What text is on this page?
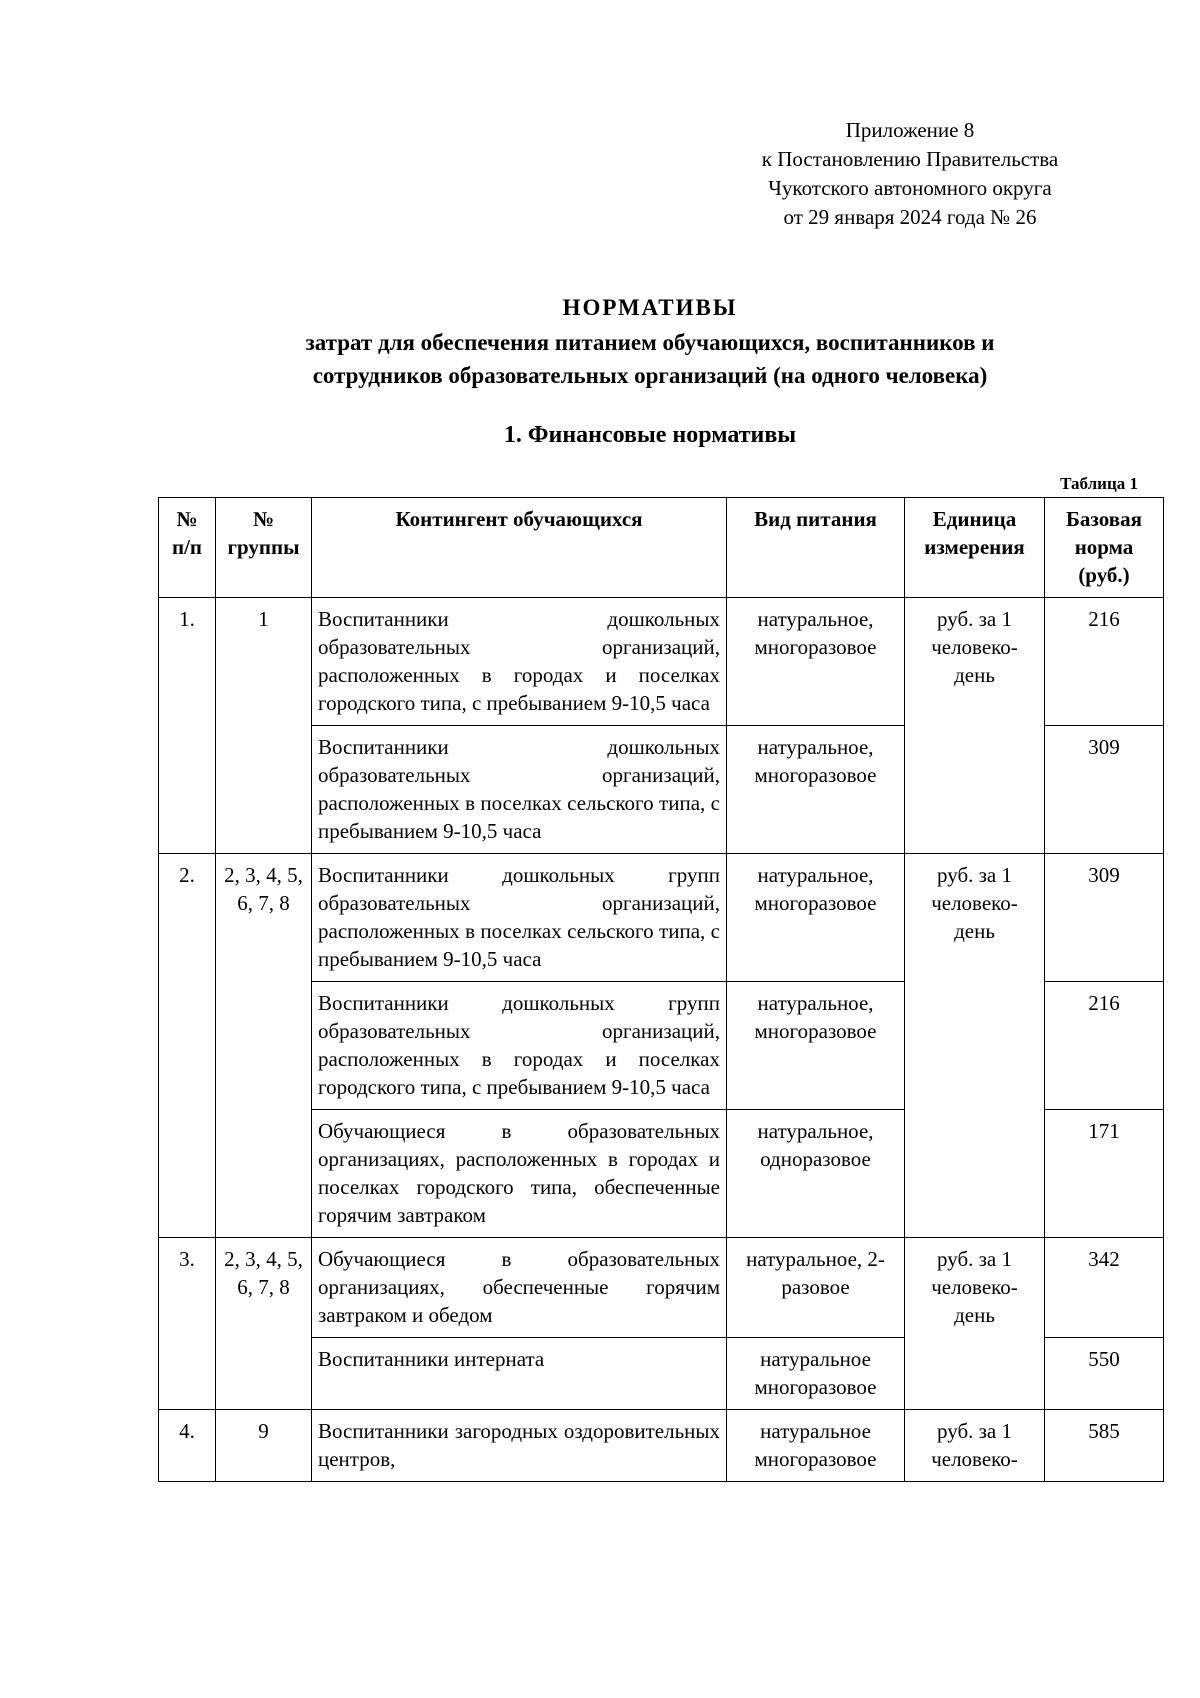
Приложение 8
к Постановлению Правительства
Чукотского автономного округа
от 29 января 2024 года № 26
НОРМАТИВЫ
затрат для обеспечения питанием обучающихся, воспитанников и
сотрудников образовательных организаций (на одного человека)
1. Финансовые нормативы
Таблица 1
№ п/п	№ группы	Контингент обучающихся	Вид питания	Единица измерения	Базовая норма (руб.)
1.	1	Воспитанники дошкольных образовательных организаций, расположенных в городах и поселках городского типа, с пребыванием 9-10,5 часа	натуральное, многоразовое	руб. за 1 человеко-день	216
		Воспитанники дошкольных образовательных организаций, расположенных в поселках сельского типа, с пребыванием 9-10,5 часа	натуральное, многоразовое		309
2.	2, 3, 4, 5, 6, 7, 8	Воспитанники дошкольных групп образовательных организаций, расположенных в поселках сельского типа, с пребыванием 9-10,5 часа	натуральное, многоразовое	руб. за 1 человеко-день	309
		Воспитанники дошкольных групп образовательных организаций, расположенных в городах и поселках городского типа, с пребыванием 9-10,5 часа	натуральное, многоразовое		216
		Обучающиеся в образовательных организациях, расположенных в городах и поселках городского типа, обеспеченные горячим завтраком	натуральное, одноразовое		171
3.	2, 3, 4, 5, 6, 7, 8	Обучающиеся в образовательных организациях, обеспеченные горячим завтраком и обедом	натуральное, 2-разовое	руб. за 1 человеко-день	342
		Воспитанники интерната	натуральное многоразовое		550
4.	9	Воспитанники загородных оздоровительных центров,	натуральное многоразовое	руб. за 1 человеко-	585
